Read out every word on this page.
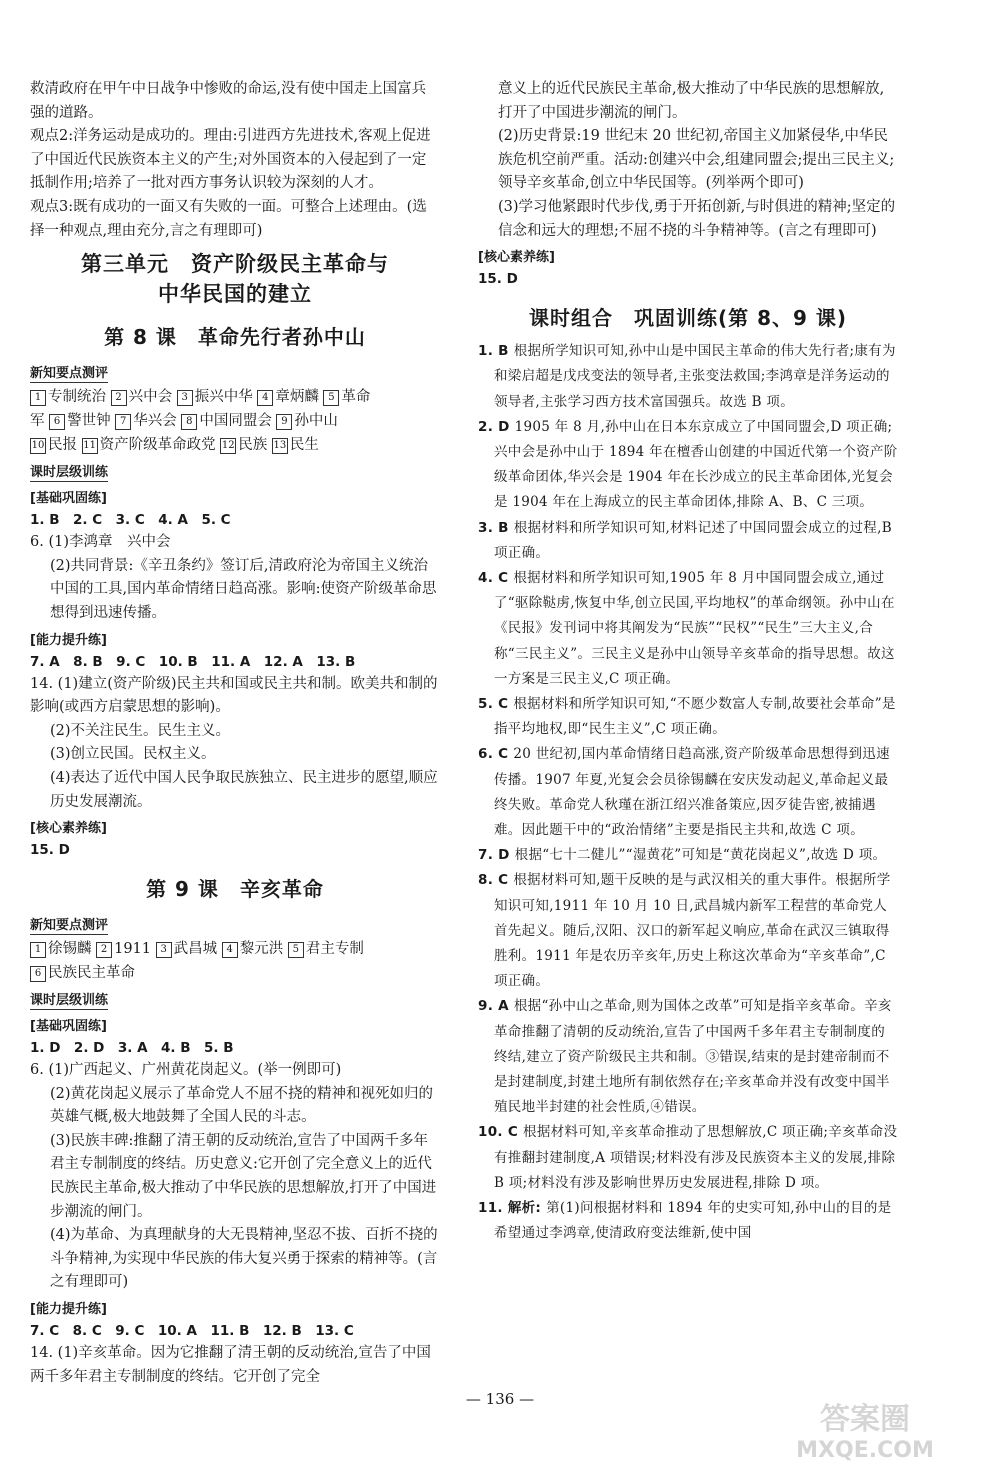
救清政府在甲午中日战争中惨败的命运,没有使中国走上国富兵强的道路。

观点2:洋务运动是成功的。理由:引进西方先进技术,客观上促进了中国近代民族资本主义的产生;对外国资本的入侵起到了一定抵制作用;培养了一批对西方事务认识较为深刻的人才。

观点3:既有成功的一面又有失败的一面。可整合上述理由。(选择一种观点,理由充分,言之有理即可)

第三单元　资产阶级民主革命与
中华民国的建立
第 8 课　革命先行者孙中山
新知要点测评
1 专制统治 2 兴中会 3 振兴中华 4 章炳麟 5 革命
军 6 警世钟 7 华兴会 8 中国同盟会 9 孙中山
10 民报 11 资产阶级革命政党 12 民族 13 民生
课时层级训练
[基础巩固练]
1. B　2. C　3. C　4. A　5. C

6. (1)李鸿章　兴中会

(2)共同背景:《辛丑条约》签订后,清政府沦为帝国主义统治中国的工具,国内革命情绪日趋高涨。影响:使资产阶级革命思想得到迅速传播。

[能力提升练]
7. A　8. B　9. C　10. B　11. A　12. A　13. B

14. (1)建立(资产阶级)民主共和国或民主共和制。欧美共和制的影响(或西方启蒙思想的影响)。

(2)不关注民生。民生主义。

(3)创立民国。民权主义。

(4)表达了近代中国人民争取民族独立、民主进步的愿望,顺应历史发展潮流。

[核心素养练]
15. D
第 9 课　辛亥革命
新知要点测评
1 徐锡麟 2 1911 3 武昌城 4 黎元洪 5 君主专制
6 民族民主革命
课时层级训练
[基础巩固练]
1. D　2. D　3. A　4. B　5. B

6. (1)广西起义、广州黄花岗起义。(举一例即可)

(2)黄花岗起义展示了革命党人不屈不挠的精神和视死如归的英雄气概,极大地鼓舞了全国人民的斗志。

(3)民族丰碑:推翻了清王朝的反动统治,宣告了中国两千多年君主专制制度的终结。历史意义:它开创了完全意义上的近代民族民主革命,极大推动了中华民族的思想解放,打开了中国进步潮流的闸门。

(4)为革命、为真理献身的大无畏精神,坚忍不拔、百折不挠的斗争精神,为实现中华民族的伟大复兴勇于探索的精神等。(言之有理即可)

[能力提升练]
7. C　8. C　9. C　10. A　11. B　12. B　13. C

14. (1)辛亥革命。因为它推翻了清王朝的反动统治,宣告了中国两千多年君主专制制度的终结。它开创了完全

意义上的近代民族民主革命,极大推动了中华民族的思想解放,打开了中国进步潮流的闸门。

(2)历史背景:19 世纪末 20 世纪初,帝国主义加紧侵华,中华民族危机空前严重。活动:创建兴中会,组建同盟会;提出三民主义;领导辛亥革命,创立中华民国等。(列举两个即可)

(3)学习他紧跟时代步伐,勇于开拓创新,与时俱进的精神;坚定的信念和远大的理想;不屈不挠的斗争精神等。(言之有理即可)

[核心素养练]
15. D
课时组合　巩固训练(第 8、9 课)

1. B 根据所学知识可知,孙中山是中国民主革命的伟大先行者;康有为和梁启超是戊戌变法的领导者,主张变法救国;李鸿章是洋务运动的领导者,主张学习西方技术富国强兵。故选 B 项。

2. D 1905 年 8 月,孙中山在日本东京成立了中国同盟会,D 项正确;兴中会是孙中山于 1894 年在檀香山创建的中国近代第一个资产阶级革命团体,华兴会是 1904 年在长沙成立的民主革命团体,光复会是 1904 年在上海成立的民主革命团体,排除 A、B、C 三项。

3. B 根据材料和所学知识可知,材料记述了中国同盟会成立的过程,B 项正确。

4. C 根据材料和所学知识可知,1905 年 8 月中国同盟会成立,通过了“驱除鞑虏,恢复中华,创立民国,平均地权”的革命纲领。孙中山在《民报》发刊词中将其阐发为“民族”“民权”“民生”三大主义,合称“三民主义”。三民主义是孙中山领导辛亥革命的指导思想。故这一方案是三民主义,C 项正确。

5. C 根据材料和所学知识可知,“不愿少数富人专制,故要社会革命”是指平均地权,即“民生主义”,C 项正确。

6. C 20 世纪初,国内革命情绪日趋高涨,资产阶级革命思想得到迅速传播。1907 年夏,光复会会员徐锡麟在安庆发动起义,革命起义最终失败。革命党人秋瑾在浙江绍兴准备策应,因歹徒告密,被捕遇难。因此题干中的“政治情绪”主要是指民主共和,故选 C 项。

7. D 根据“七十二健儿”“湿黄花”可知是“黄花岗起义”,故选 D 项。

8. C 根据材料可知,题干反映的是与武汉相关的重大事件。根据所学知识可知,1911 年 10 月 10 日,武昌城内新军工程营的革命党人首先起义。随后,汉阳、汉口的新军起义响应,革命在武汉三镇取得胜利。1911 年是农历辛亥年,历史上称这次革命为“辛亥革命”,C 项正确。

9. A 根据“孙中山之革命,则为国体之改革”可知是指辛亥革命。辛亥革命推翻了清朝的反动统治,宣告了中国两千多年君主专制制度的终结,建立了资产阶级民主共和制。③错误,结束的是封建帝制而不是封建制度,封建土地所有制依然存在;辛亥革命并没有改变中国半殖民地半封建的社会性质,④错误。

10. C 根据材料可知,辛亥革命推动了思想解放,C 项正确;辛亥革命没有推翻封建制度,A 项错误;材料没有涉及民族资本主义的发展,排除 B 项;材料没有涉及影响世界历史发展进程,排除 D 项。

11. 解析: 第(1)问根据材料和 1894 年的史实可知,孙中山的目的是希望通过李鸿章,使清政府变法维新,使中国

— 136 —
答案圈
MXQE.COM
